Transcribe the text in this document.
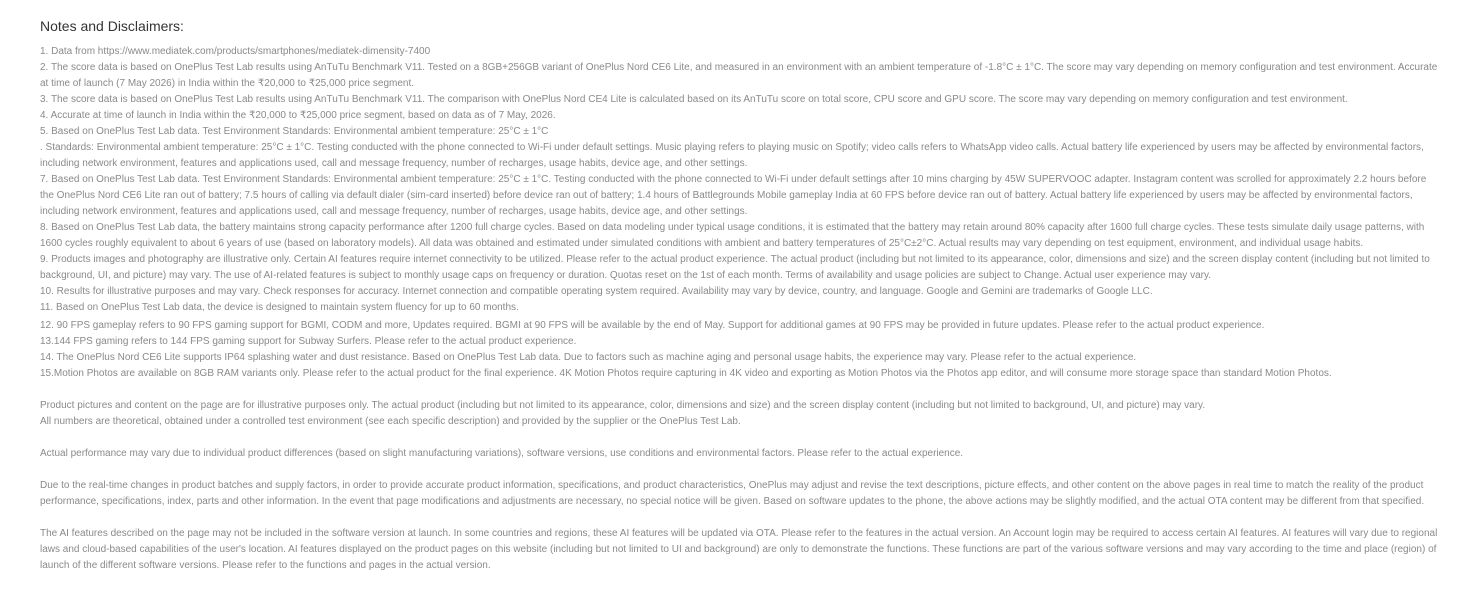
Notes and Disclaimers:

1. Data from https://www.mediatek.com/products/smartphones/mediatek-dimensity-7400

2. The score data is based on OnePlus Test Lab results using AnTuTu Benchmark V11. Tested on a 8GB+256GB variant of OnePlus Nord CE6 Lite, and measured in an environment with an ambient temperature of -1.8°C ± 1°C. The score may vary depending on memory configuration and test environment. Accurate at time of launch (7 May 2026) in India within the ₹20,000 to ₹25,000 price segment.

3. The score data is based on OnePlus Test Lab results using AnTuTu Benchmark V11. The comparison with OnePlus Nord CE4 Lite is calculated based on its AnTuTu score on total score, CPU score and GPU score. The score may vary depending on memory configuration and test environment.

4. Accurate at time of launch in India within the ₹20,000 to ₹25,000 price segment, based on data as of 7 May, 2026.

5. Based on OnePlus Test Lab data. Test Environment Standards: Environmental ambient temperature: 25°C ± 1°C

. Standards: Environmental ambient temperature: 25°C ± 1°C. Testing conducted with the phone connected to Wi-Fi under default settings. Music playing refers to playing music on Spotify; video calls refers to WhatsApp video calls. Actual battery life experienced by users may be affected by environmental factors, including network environment, features and applications used, call and message frequency, number of recharges, usage habits, device age, and other settings.

7. Based on OnePlus Test Lab data. Test Environment Standards: Environmental ambient temperature: 25°C ± 1°C. Testing conducted with the phone connected to Wi-Fi under default settings after 10 mins charging by 45W SUPERVOOC adapter. Instagram content was scrolled for approximately 2.2 hours before the OnePlus Nord CE6 Lite ran out of battery; 7.5 hours of calling via default dialer (sim-card inserted) before device ran out of battery; 1.4 hours of Battlegrounds Mobile gameplay India at 60 FPS before device ran out of battery. Actual battery life experienced by users may be affected by environmental factors, including network environment, features and applications used, call and message frequency, number of recharges, usage habits, device age, and other settings.

8. Based on OnePlus Test Lab data, the battery maintains strong capacity performance after 1200 full charge cycles. Based on data modeling under typical usage conditions, it is estimated that the battery may retain around 80% capacity after 1600 full charge cycles. These tests simulate daily usage patterns, with 1600 cycles roughly equivalent to about 6 years of use (based on laboratory models). All data was obtained and estimated under simulated conditions with ambient and battery temperatures of 25°C±2°C. Actual results may vary depending on test equipment, environment, and individual usage habits.

9. Products images and photography are illustrative only. Certain AI features require internet connectivity to be utilized. Please refer to the actual product experience. The actual product (including but not limited to its appearance, color, dimensions and size) and the screen display content (including but not limited to background, UI, and picture) may vary. The use of AI-related features is subject to monthly usage caps on frequency or duration. Quotas reset on the 1st of each month. Terms of availability and usage policies are subject to Change. Actual user experience may vary.

10. Results for illustrative purposes and may vary. Check responses for accuracy. Internet connection and compatible operating system required. Availability may vary by device, country, and language. Google and Gemini are trademarks of Google LLC.

11. Based on OnePlus Test Lab data, the device is designed to maintain system fluency for up to 60 months.

12. 90 FPS gameplay refers to 90 FPS gaming support for BGMI, CODM and more, Updates required. BGMI at 90 FPS will be available by the end of May. Support for additional games at 90 FPS may be provided in future updates. Please refer to the actual product experience.

13.144 FPS gaming refers to 144 FPS gaming support for Subway Surfers. Please refer to the actual product experience.

14. The OnePlus Nord CE6 Lite supports IP64 splashing water and dust resistance. Based on OnePlus Test Lab data. Due to factors such as machine aging and personal usage habits, the experience may vary. Please refer to the actual experience.

15.Motion Photos are available on 8GB RAM variants only. Please refer to the actual product for the final experience. 4K Motion Photos require capturing in 4K video and exporting as Motion Photos via the Photos app editor, and will consume more storage space than standard Motion Photos.

Product pictures and content on the page are for illustrative purposes only. The actual product (including but not limited to its appearance, color, dimensions and size) and the screen display content (including but not limited to background, UI, and picture) may vary.

All numbers are theoretical, obtained under a controlled test environment (see each specific description) and provided by the supplier or the OnePlus Test Lab.

Actual performance may vary due to individual product differences (based on slight manufacturing variations), software versions, use conditions and environmental factors. Please refer to the actual experience.

Due to the real-time changes in product batches and supply factors, in order to provide accurate product information, specifications, and product characteristics, OnePlus may adjust and revise the text descriptions, picture effects, and other content on the above pages in real time to match the reality of the product performance, specifications, index, parts and other information. In the event that page modifications and adjustments are necessary, no special notice will be given. Based on software updates to the phone, the above actions may be slightly modified, and the actual OTA content may be different from that specified.

The AI features described on the page may not be included in the software version at launch. In some countries and regions, these AI features will be updated via OTA. Please refer to the features in the actual version. An Account login may be required to access certain AI features. AI features will vary due to regional laws and cloud-based capabilities of the user's location. AI features displayed on the product pages on this website (including but not limited to UI and background) are only to demonstrate the functions. These functions are part of the various software versions and may vary according to the time and place (region) of launch of the different software versions. Please refer to the functions and pages in the actual version.
